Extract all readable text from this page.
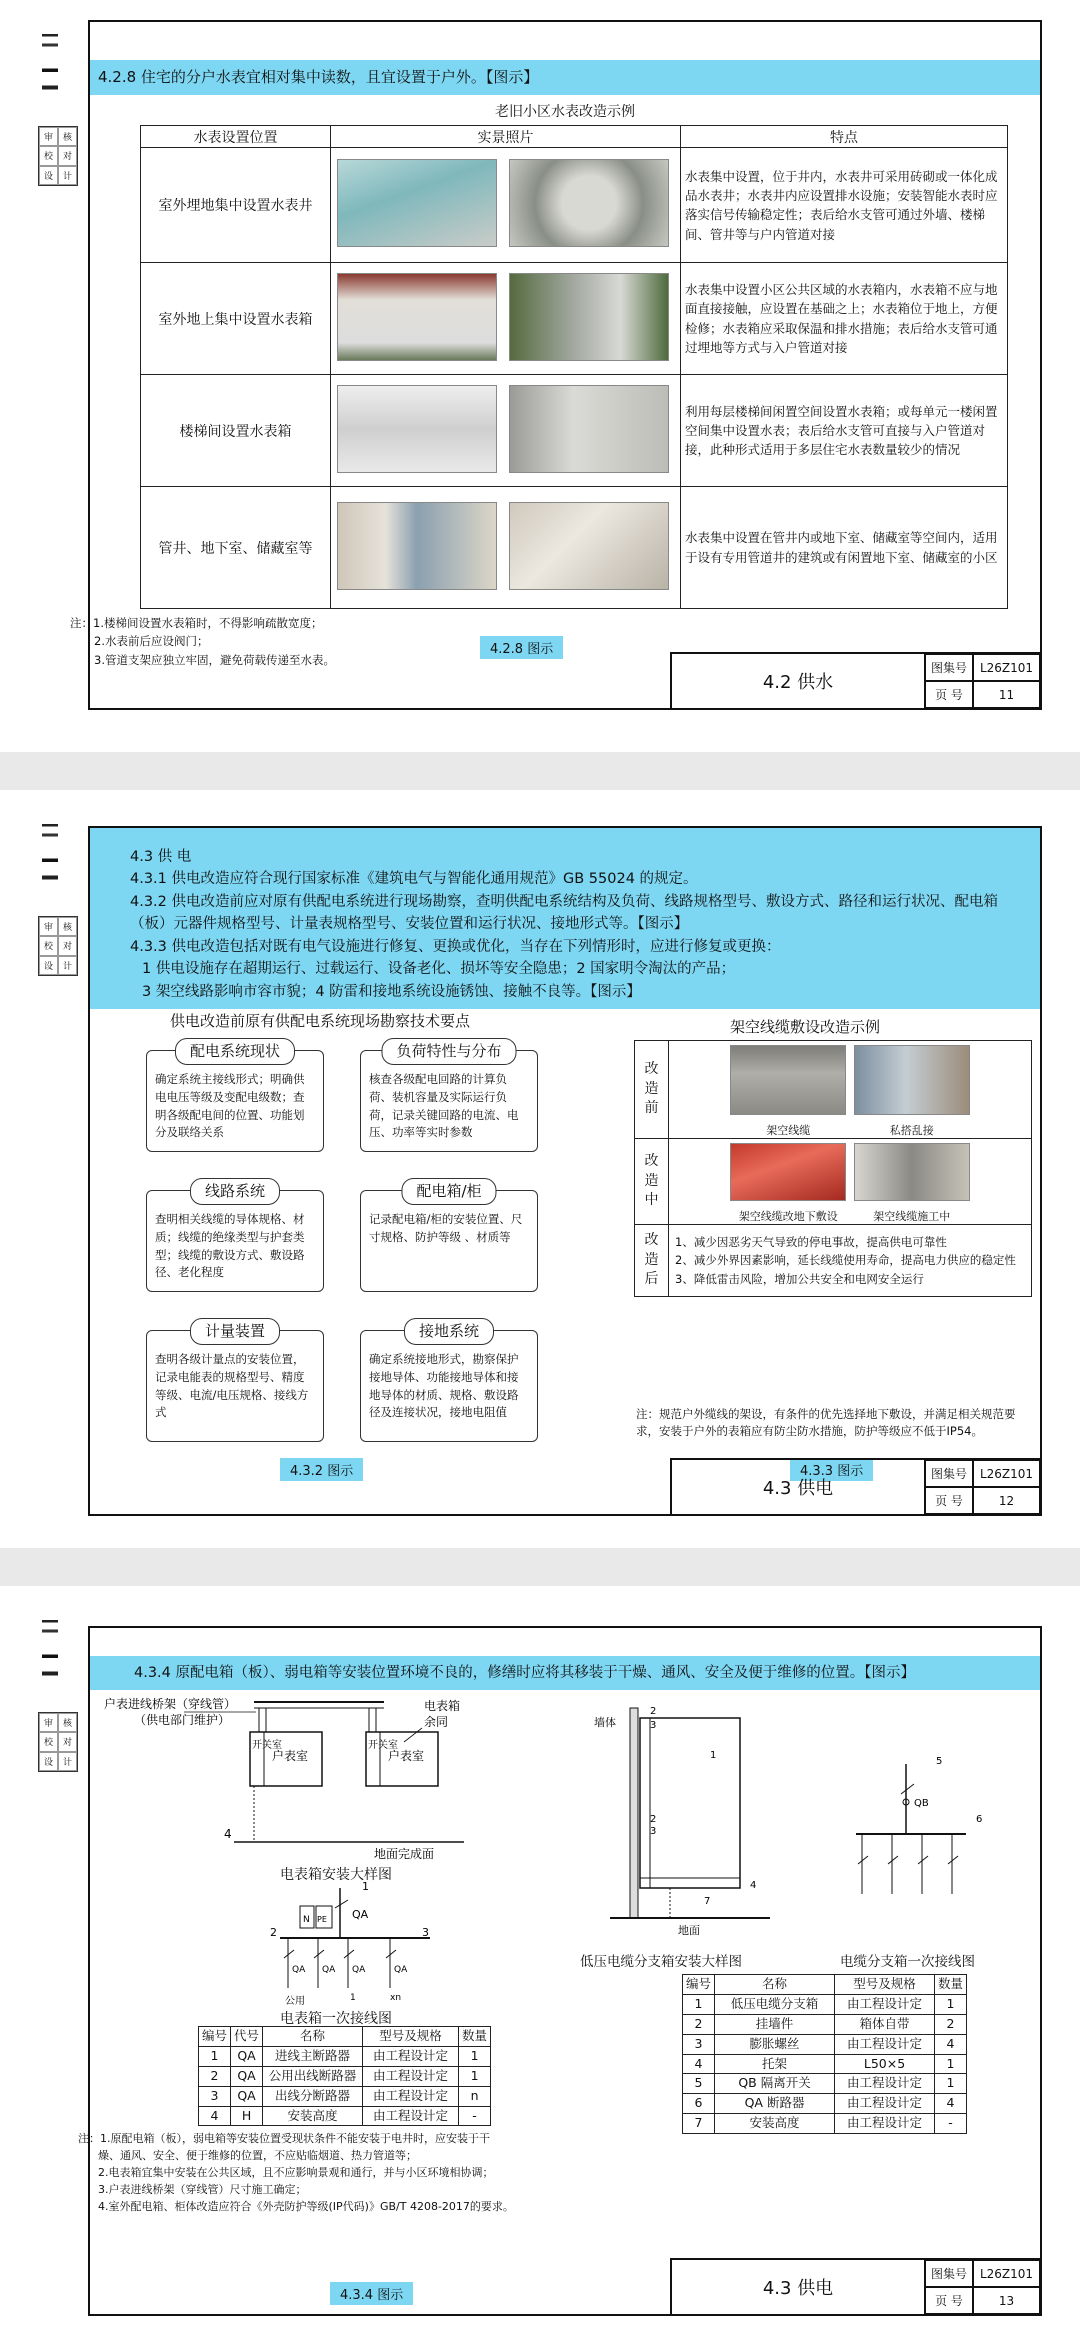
审	核
校	对
设	计
4.2.8 住宅的分户水表宜相对集中读数，且宜设置于户外。【图示】
老旧小区水表改造示例
水表设置位置	实景照片	特点
室外埋地集中设置水表井		水表集中设置，位于井内，水表井可采用砖砌或一体化成品水表井；水表井内应设置排水设施；安装智能水表时应落实信号传输稳定性；表后给水支管可通过外墙、楼梯间、管井等与户内管道对接
室外地上集中设置水表箱		水表集中设置小区公共区域的水表箱内，水表箱不应与地面直接接触，应设置在基础之上；水表箱位于地上，方便检修；水表箱应采取保温和排水措施；表后给水支管可通过埋地等方式与入户管道对接
楼梯间设置水表箱		利用每层楼梯间闲置空间设置水表箱；或每单元一楼闲置空间集中设置水表；表后给水支管可直接与入户管道对接，此种形式适用于多层住宅水表数量较少的情况
管井、地下室、储藏室等		水表集中设置在管井内或地下室、储藏室等空间内，适用于设有专用管道井的建筑或有闲置地下室、储藏室的小区
注：1.楼梯间设置水表箱时，不得影响疏散宽度；
2.水表前后应设阀门；
3.管道支架应独立牢固，避免荷载传递至水表。
4.2.8 图示
4.2 供水
图集号	L26Z101
页 号	11
审	核
校	对
设	计
4.3 供 电
4.3.1 供电改造应符合现行国家标准《建筑电气与智能化通用规范》GB 55024 的规定。
4.3.2 供电改造前应对原有供配电系统进行现场勘察，查明供配电系统结构及负荷、线路规格型号、敷设方式、路径和运行状况、配电箱（板）元器件规格型号、计量表规格型号、安装位置和运行状况、接地形式等。【图示】
4.3.3 供电改造包括对既有电气设施进行修复、更换或优化，当存在下列情形时，应进行修复或更换：
1 供电设施存在超期运行、过载运行、设备老化、损坏等安全隐患；2 国家明令淘汰的产品；
3 架空线路影响市容市貌；4 防雷和接地系统设施锈蚀、接触不良等。【图示】
供电改造前原有供配电系统现场勘察技术要点
配电系统现状
确定系统主接线形式；明确供电电压等级及变配电级数；查明各级配电间的位置、功能划分及联络关系
负荷特性与分布
核查各级配电回路的计算负荷、装机容量及实际运行负荷，记录关键回路的电流、电压、功率等实时参数
线路系统
查明相关线缆的导体规格、材质；线缆的绝缘类型与护套类型；线缆的敷设方式、敷设路径、老化程度
配电箱/柜
记录配电箱/柜的安装位置、尺寸规格、防护等级 、材质等
计量装置
查明各级计量点的安装位置，记录电能表的规格型号、精度等级、电流/电压规格、接线方式
接地系统
确定系统接地形式，勘察保护接地导体、功能接地导体和接地导体的材质、规格、敷设路径及连接状况，接地电阻值
4.3.2 图示
架空线缆敷设改造示例
改造前	架空线缆 私搭乱接
改造中	架空线缆改地下敷设 架空线缆施工中
改造后	1、减少因恶劣天气导致的停电事故，提高供电可靠性
2、减少外界因素影响，延长线缆使用寿命，提高电力供应的稳定性
3、降低雷击风险，增加公共安全和电网安全运行
注：规范户外缆线的架设，有条件的优先选择地下敷设，并满足相关规范要求，安装于户外的表箱应有防尘防水措施，防护等级应不低于IP54。
4.3.3 图示
4.3 供电
图集号	L26Z101
页 号	12
审	核
校	对
设	计
4.3.4 原配电箱（板）、弱电箱等安装位置环境不良的，修缮时应将其移装于干燥、通风、安全及便于维修的位置。【图示】
开关室
户表室
开关室
户表室
4
地面完成面
户表进线桥架（穿线管）
（供电部门维护）
电表箱
余同
电表箱安装大样图
QA
1
N PE
QA QA QA	QA
2	3
1	xn
公用
电表箱一次接线图
墙体
地面
1
2
3
2
3
4
7
低压电缆分支箱安装大样图
QB
5
6
电缆分支箱一次接线图
编号	代号	名称	型号及规格	数量
1	QA	进线主断路器	由工程设计定	1
2	QA	公用出线断路器	由工程设计定	1
3	QA	出线分断路器	由工程设计定	n
4	H	安装高度	由工程设计定	-
编号	名称	型号及规格	数量
1	低压电缆分支箱	由工程设计定	1
2	挂墙件	箱体自带	2
3	膨胀螺丝	由工程设计定	4
4	托架	L50×5	1
5	QB 隔离开关	由工程设计定	1
6	QA 断路器	由工程设计定	4
7	安装高度	由工程设计定	-
注：1.原配电箱（板），弱电箱等安装位置受现状条件不能安装于电井时，应安装于干
燥、通风、安全、便于维修的位置，不应贴临烟道、热力管道等；
2.电表箱宜集中安装在公共区域，且不应影响景观和通行，并与小区环境相协调；
3.户表进线桥架（穿线管）尺寸施工确定；
4.室外配电箱、柜体改造应符合《外壳防护等级(IP代码)》GB/T 4208-2017的要求。
4.3.4 图示	4.3 供电
图集号	L26Z101
页 号	13
